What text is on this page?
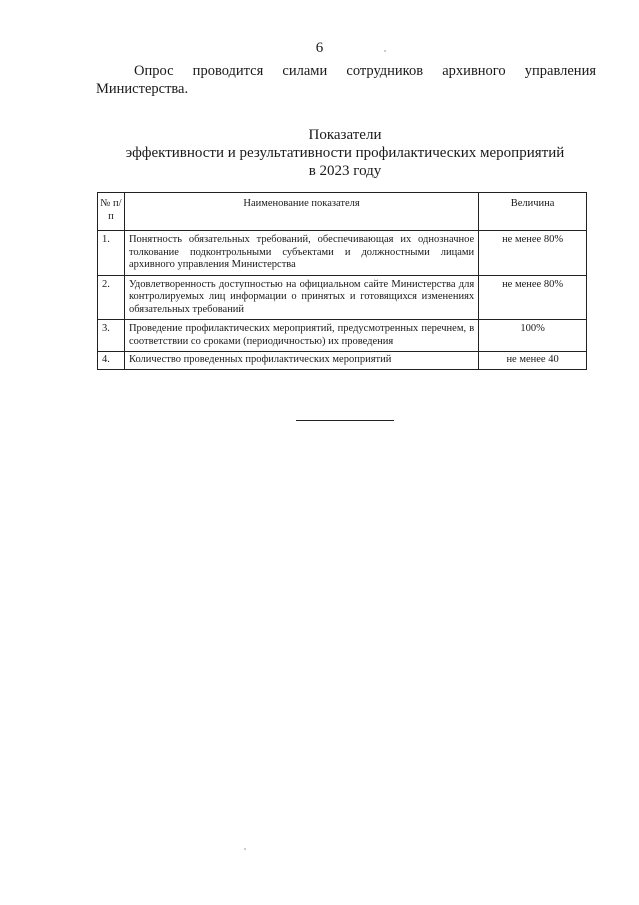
6

Опрос проводится силами сотрудников архивного управления Министерства.

Показатели
эффективности и результативности профилактических мероприятий
в 2023 году
№ п/п	Наименование показателя	Величина
1.	Понятность обязательных требований, обеспечивающая их однозначное толкование подконтрольными субъектами и должностными лицами архивного управления Министерства	не менее 80%
2.	Удовлетворенность доступностью на официальном сайте Министерства для контролируемых лиц информации о принятых и готовящихся изменениях обязательных требований	не менее 80%
3.	Проведение профилактических мероприятий, предусмотренных перечнем, в соответствии со сроками (периодичностью) их проведения	100%
4.	Количество проведенных профилактических мероприятий	не менее 40
